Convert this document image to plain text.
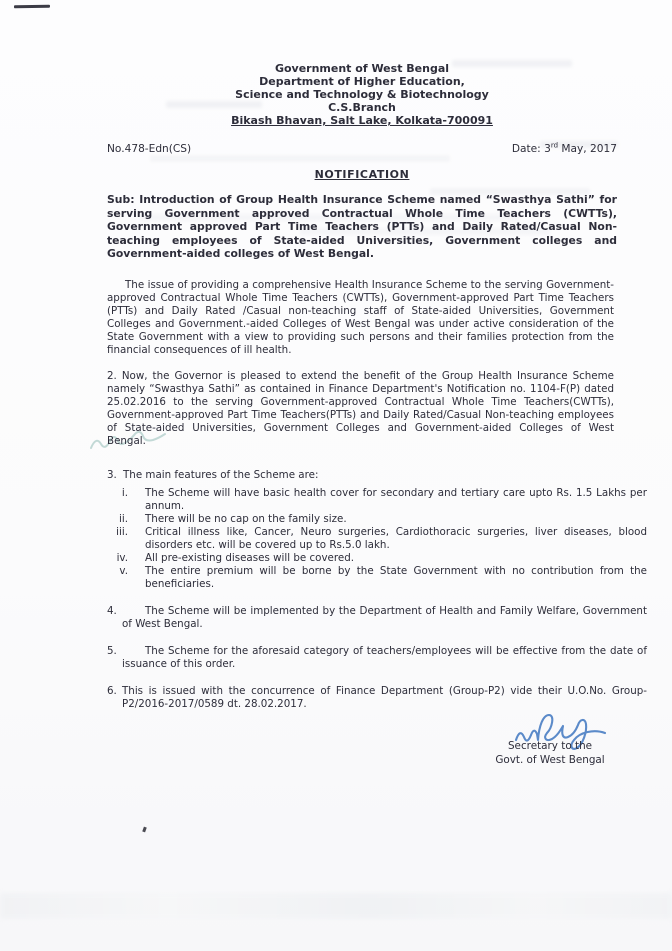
Government of West Bengal
Department of Higher Education,
Science and Technology & Biotechnology
C.S.Branch
Bikash Bhavan, Salt Lake, Kolkata-700091
No.478-Edn(CS)	Date: 3rd May, 2017
NOTIFICATION
Sub: Introduction of Group Health Insurance Scheme named “Swasthya Sathi” for serving Government approved Contractual Whole Time Teachers (CWTTs), Government approved Part Time Teachers (PTTs) and Daily Rated/Casual Non-teaching employees of State-aided Universities, Government colleges and Government-aided colleges of West Bengal.
The issue of providing a comprehensive Health Insurance Scheme to the serving Government-approved Contractual Whole Time Teachers (CWTTs), Government-approved Part Time Teachers (PTTs) and Daily Rated /Casual non-teaching staff of State-aided Universities, Government Colleges and Government.-aided Colleges of West Bengal was under active consideration of the State Government with a view to providing such persons and their families protection from the financial consequences of ill health.
2. Now, the Governor is pleased to extend the benefit of the Group Health Insurance Scheme namely “Swasthya Sathi” as contained in Finance Department's Notification no. 1104-F(P) dated 25.02.2016 to the serving Government-approved Contractual Whole Time Teachers(CWTTs), Government-approved Part Time Teachers(PTTs) and Daily Rated/Casual Non-teaching employees of State-aided Universities, Government Colleges and Government-aided Colleges of West Bengal.
3. The main features of the Scheme are:
i. The Scheme will have basic health cover for secondary and tertiary care upto Rs. 1.5 Lakhs per annum.
ii. There will be no cap on the family size.
iii. Critical illness like, Cancer, Neuro surgeries, Cardiothoracic surgeries, liver diseases, blood disorders etc. will be covered up to Rs.5.0 lakh.
iv. All pre-existing diseases will be covered.
v. The entire premium will be borne by the State Government with no contribution from the beneficiaries.
4.	The Scheme will be implemented by the Department of Health and Family Welfare, Government of West Bengal.
5.	The Scheme for the aforesaid category of teachers/employees will be effective from the date of issuance of this order.
6. This is issued with the concurrence of Finance Department (Group-P2) vide their U.O.No. Group-P2/2016-2017/0589 dt. 28.02.2017.
Secretary to the
Govt. of West Bengal
